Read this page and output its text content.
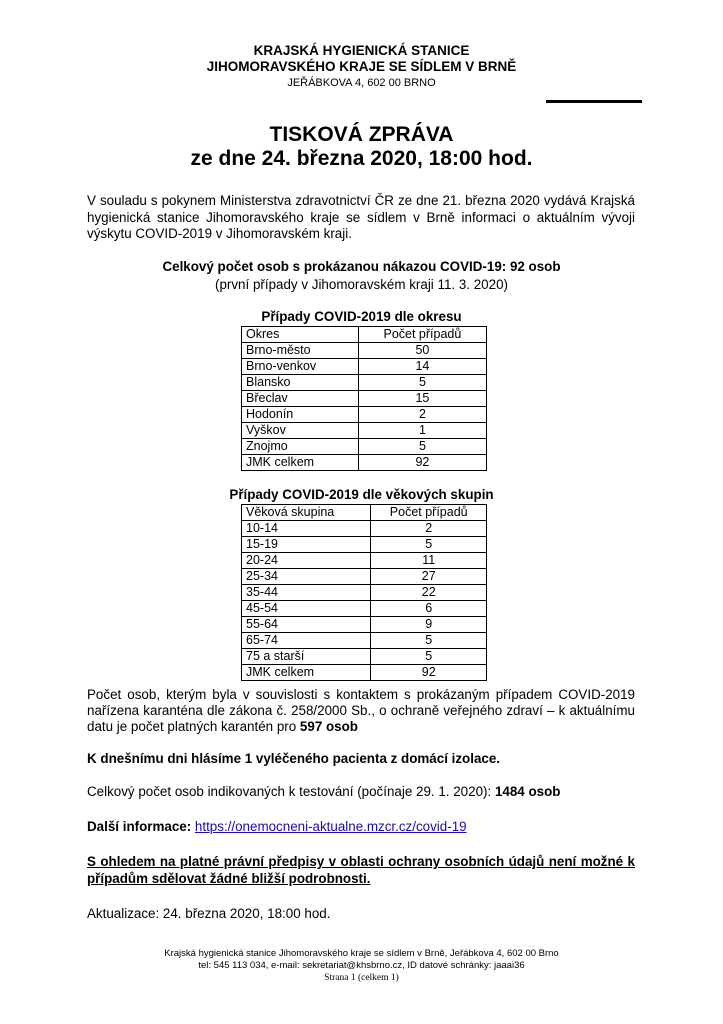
KRAJSKÁ HYGIENICKÁ STANICE
JIHOMORAVSKÉHO KRAJE SE SÍDLEM V BRNĚ
JEŘÁBKOVA 4, 602 00 BRNO
TISKOVÁ ZPRÁVA
ze dne 24. března 2020, 18:00 hod.
V souladu s pokynem Ministerstva zdravotnictví ČR ze dne 21. března 2020 vydává Krajská hygienická stanice Jihomoravského kraje se sídlem v Brně informaci o aktuálním vývoji výskytu COVID-2019 v Jihomoravském kraji.
Celkový počet osob s prokázanou nákazou COVID-19: 92 osob
(první případy v Jihomoravském kraji 11. 3. 2020)
Případy COVID-2019 dle okresu
Okres	Počet případů
Brno-město	50
Brno-venkov	14
Blansko	5
Břeclav	15
Hodonín	2
Vyškov	1
Znojmo	5
JMK celkem	92
Případy COVID-2019 dle věkových skupin
Věková skupina	Počet případů
10-14	2
15-19	5
20-24	11
25-34	27
35-44	22
45-54	6
55-64	9
65-74	5
75 a starší	5
JMK celkem	92
Počet osob, kterým byla v souvislosti s kontaktem s prokázaným případem COVID-2019 nařízena karanténa dle zákona č. 258/2000 Sb., o ochraně veřejného zdraví – k aktuálnímu datu je počet platných karantén pro 597 osob
K dnešnímu dni hlásíme 1 vyléčeného pacienta z domácí izolace.
Celkový počet osob indikovaných k testování (počínaje 29. 1. 2020): 1484 osob
Další informace: https://onemocneni-aktualne.mzcr.cz/covid-19
S ohledem na platné právní předpisy v oblasti ochrany osobních údajů není možné k případům sdělovat žádné bližší podrobnosti.
Aktualizace: 24. března 2020, 18:00 hod.
Krajská hygienická stanice Jihomoravského kraje se sídlem v Brně, Jeřábkova 4, 602 00 Brno
tel: 545 113 034, e-mail: sekretariat@khsbrno.cz, ID datové schránky: jaaai36
Strana 1 (celkem 1)
